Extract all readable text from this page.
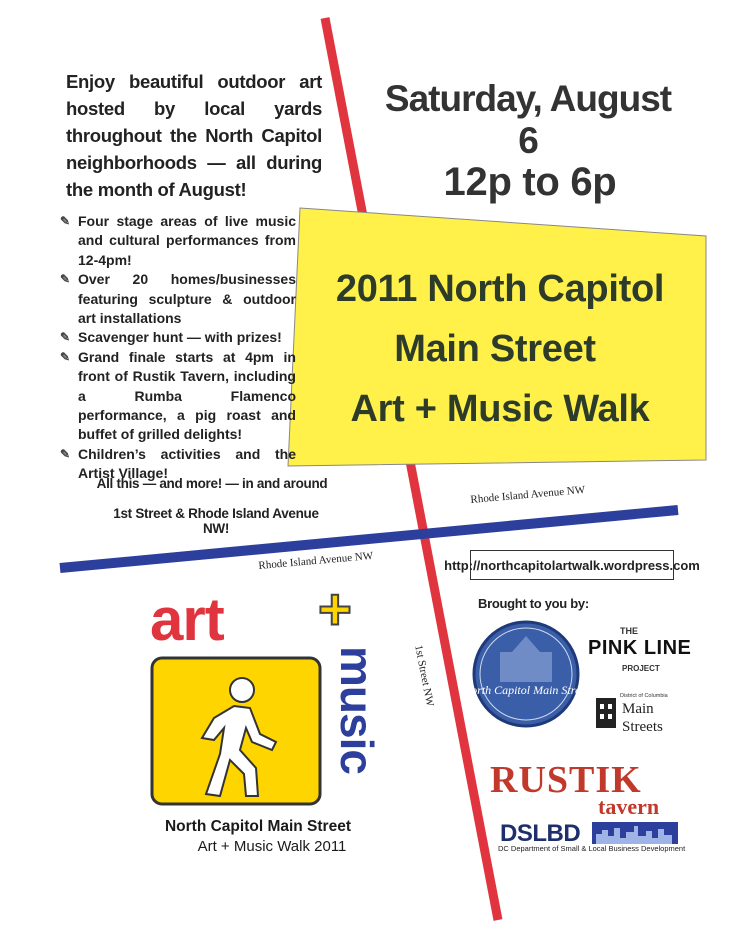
Enjoy beautiful outdoor art hosted by local yards throughout the North Capitol neighborhoods — all during the month of August!
Saturday, August 6
12p to 6p
2011 North Capitol
Main Street
Art + Music Walk
✎ Four stage areas of live music and cultural performances from 12-4pm!
✎ Over 20 homes/businesses featuring sculpture & outdoor art installations
✎ Scavenger hunt — with prizes!
✎ Grand finale starts at 4pm in front of Rustik Tavern, including a Rumba Flamenco performance, a pig roast and buffet of grilled delights!
✎ Children’s activities and the Artist Village!
All this — and more! — in and around
1st Street & Rhode Island Avenue NW!
Rhode Island Avenue NW
Rhode Island Avenue NW
1st Street NW
http://northcapitolartwalk.wordpress.com
Brought to you by:
art +
music
North Capitol Main Street
Art + Music Walk 2011
North Capitol Main Street
THE
PINK LINE
PROJECT
District of Columbia
Main
Streets
RUSTIK
tavern
DSLBD
DC Department of Small & Local Business Development
